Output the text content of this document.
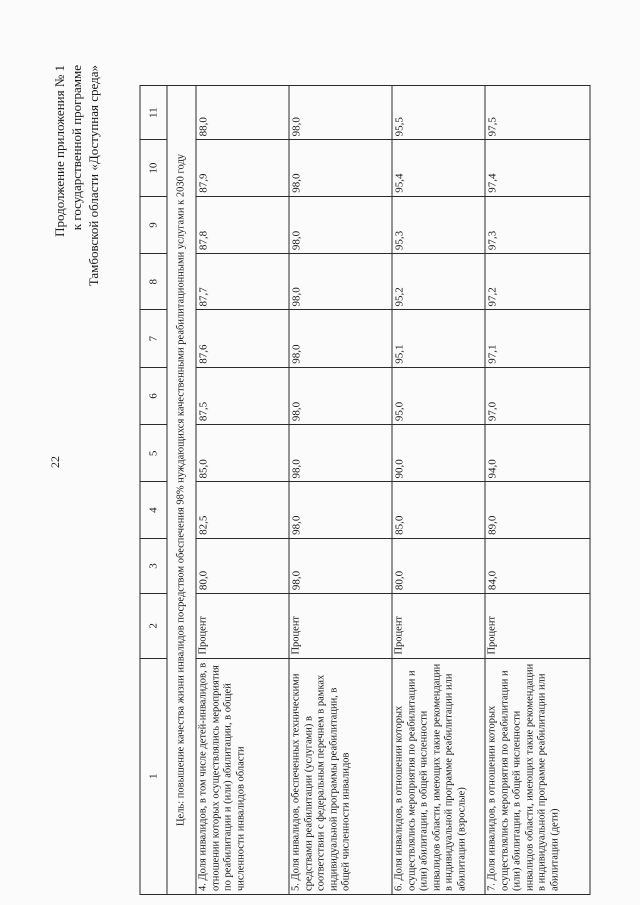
22
Продолжение приложения № 1 к государственной программе Тамбовской области «Доступная среда»
1	2	3	4	5	6	7	8	9	10	11
Цель: повышение качества жизни инвалидов посредством обеспечения 98% нуждающихся качественными реабилитационными услугами к 2030 году										
4. Доля инвалидов, в том числе детей-инвалидов, в отношении которых осуществлялись мероприятия по реабилитации и (или) абилитации, в общей численности инвалидов области	Процент	80,0	82,5	85,0	87,5	87,6	87,7	87,8	87,9	88,0
5. Доля инвалидов, обеспеченных техническими средствами реабилитации (услугами) в соответствии с федеральным перечнем в рамках индивидуальной программы реабилитации, в общей численности инвалидов	Процент	98,0	98,0	98,0	98,0	98,0	98,0	98,0	98,0	98,0
6. Доля инвалидов, в отношении которых осуществлялись мероприятия по реабилитации и (или) абилитации, в общей численности инвалидов области, имеющих такие рекомендации в индивидуальной программе реабилитации или абилитации (взрослые)	Процент	80,0	85,0	90,0	95,0	95,1	95,2	95,3	95,4	95,5
7. Доля инвалидов, в отношении которых осуществлялись мероприятия по реабилитации и (или) абилитации, в общей численности инвалидов области, имеющих такие рекомендации в индивидуальной программе реабилитации или абилитации (дети)	Процент	84,0	89,0	94,0	97,0	97,1	97,2	97,3	97,4	97,5
